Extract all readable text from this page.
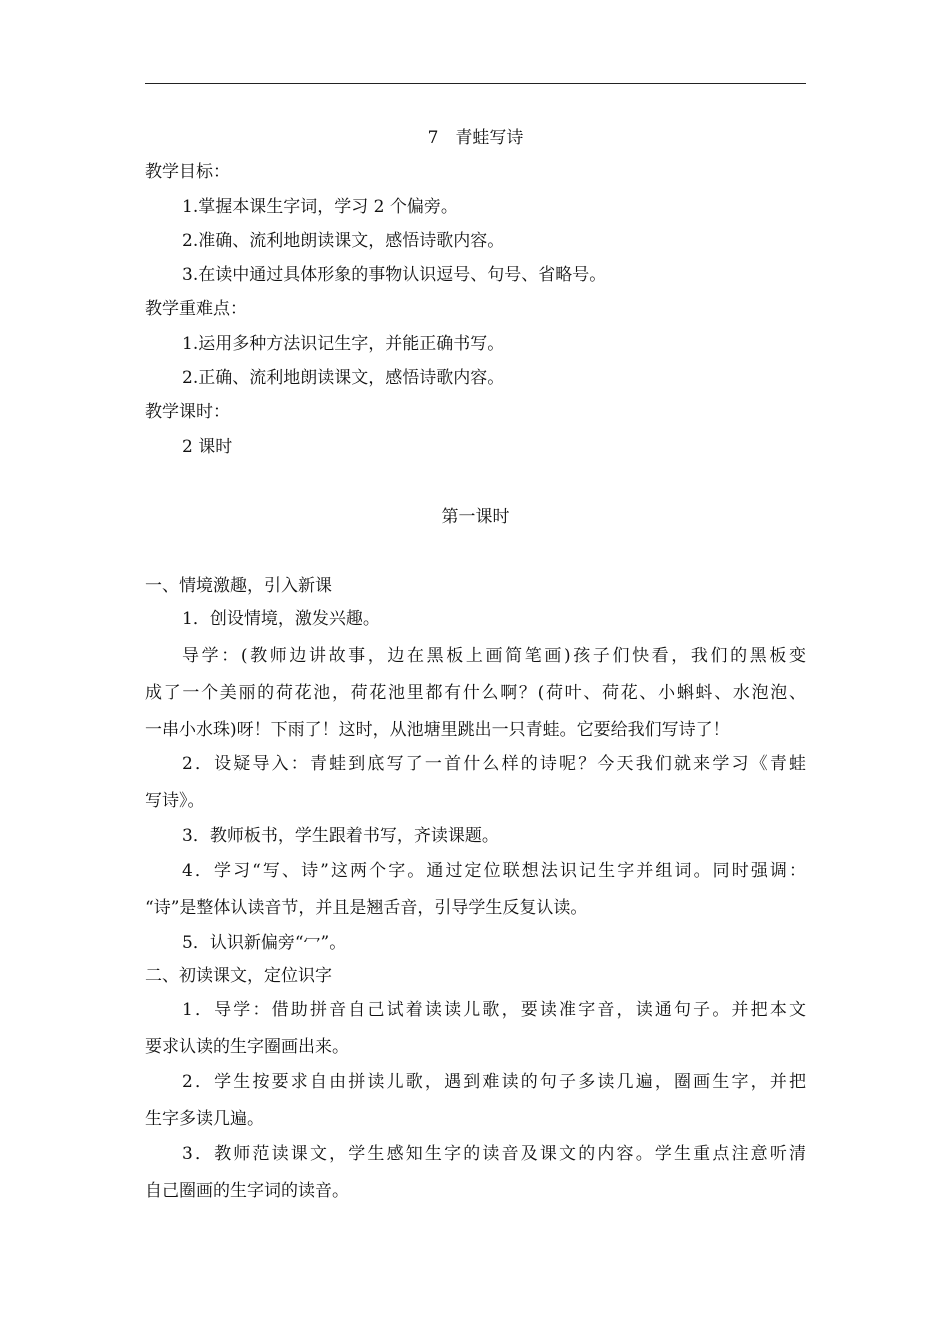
7　青蛙写诗
教学目标：
1.掌握本课生字词，学习 2 个偏旁。
2.准确、流利地朗读课文，感悟诗歌内容。
3.在读中通过具体形象的事物认识逗号、句号、省略号。
教学重难点：
1.运用多种方法识记生字，并能正确书写。
2.正确、流利地朗读课文，感悟诗歌内容。
教学课时：
2 课时
第一课时
一、情境激趣，引入新课
1．创设情境，激发兴趣。
导学：(教师边讲故事，边在黑板上画简笔画)孩子们快看，我们的黑板变
成了一个美丽的荷花池，荷花池里都有什么啊？(荷叶、荷花、小蝌蚪、水泡泡、
一串小水珠)呀！下雨了！这时，从池塘里跳出一只青蛙。它要给我们写诗了！
2．设疑导入：青蛙到底写了一首什么样的诗呢？今天我们就来学习《青蛙
写诗》。
3．教师板书，学生跟着书写，齐读课题。
4．学习“写、诗”这两个字。通过定位联想法识记生字并组词。同时强调：
“诗”是整体认读音节，并且是翘舌音，引导学生反复认读。
5．认识新偏旁“冖”。
二、初读课文，定位识字
1．导学：借助拼音自己试着读读儿歌，要读准字音，读通句子。并把本文
要求认读的生字圈画出来。
2．学生按要求自由拼读儿歌，遇到难读的句子多读几遍，圈画生字，并把
生字多读几遍。
3．教师范读课文，学生感知生字的读音及课文的内容。学生重点注意听清
自己圈画的生字词的读音。
